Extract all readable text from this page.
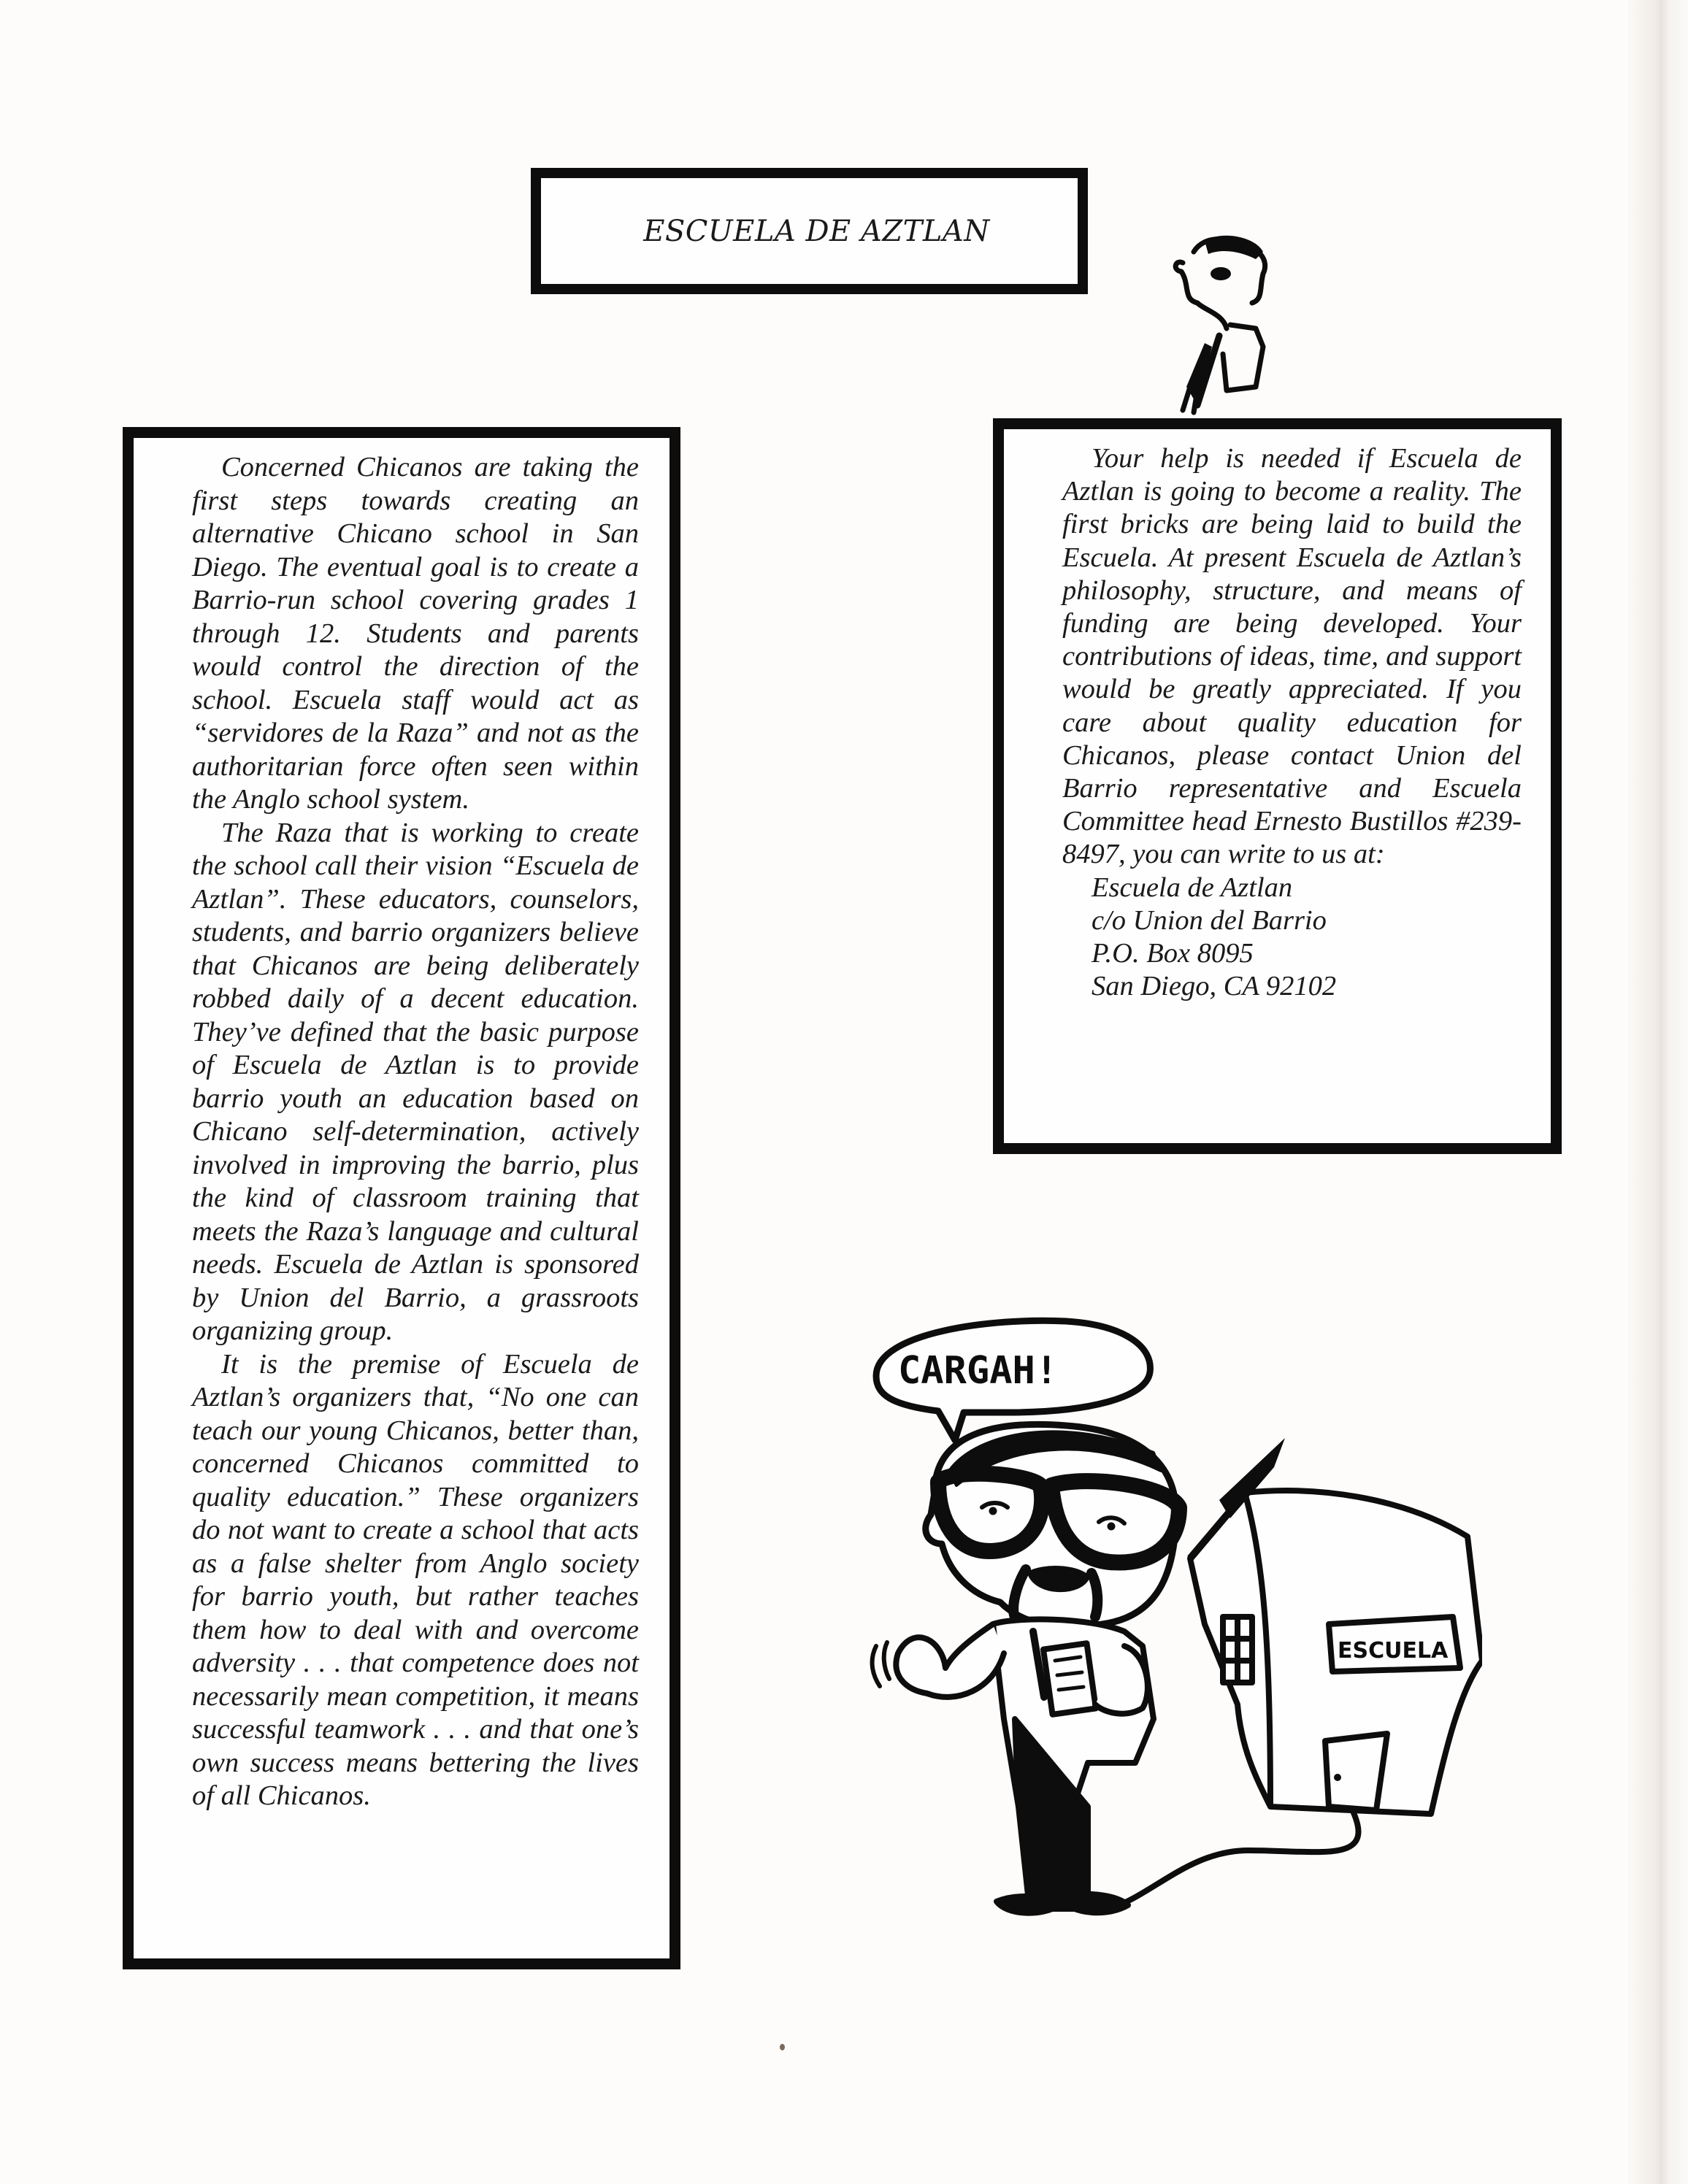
ESCUELA DE AZTLAN

Concerned Chicanos are taking the first steps towards creating an alternative Chicano school in San Diego. The eventual goal is to create a Barrio-run school covering grades 1 through 12. Students and parents would control the direction of the school. Escuela staff would act as “servidores de la Raza” and not as the authoritarian force often seen within the Anglo school system.

The Raza that is working to create the school call their vision “Escuela de Aztlan”. These educators, counselors, students, and barrio organizers believe that Chicanos are being deliberately robbed daily of a decent education. They’ve defined that the basic purpose of Escuela de Aztlan is to provide barrio youth an education based on Chicano self-determination, actively involved in improving the barrio, plus the kind of classroom training that meets the Raza’s language and cultural needs. Escuela de Aztlan is sponsored by Union del Barrio, a grassroots organizing group.

It is the premise of Escuela de Aztlan’s organizers that, “No one can teach our young Chicanos, better than, concerned Chicanos committed to quality education.” These organizers do not want to create a school that acts as a false shelter from Anglo society for barrio youth, but rather teaches them how to deal with and overcome adversity . . . that competence does not necessarily mean competition, it means successful teamwork . . . and that one’s own success means bettering the lives of all Chicanos.

Your help is needed if Escuela de Aztlan is going to become a reality. The first bricks are being laid to build the Escuela. At present Escuela de Aztlan’s philosophy, structure, and means of funding are being developed. Your contributions of ideas, time, and support would be greatly appreciated. If you care about quality education for Chicanos, please contact Union del Barrio representative and Escuela Committee head Ernesto Bustillos #239-8497, you can write to us at:

Escuela de Aztlan
c/o Union del Barrio
P.O. Box 8095
San Diego, CA 92102
CARGAH!
ESCUELA
